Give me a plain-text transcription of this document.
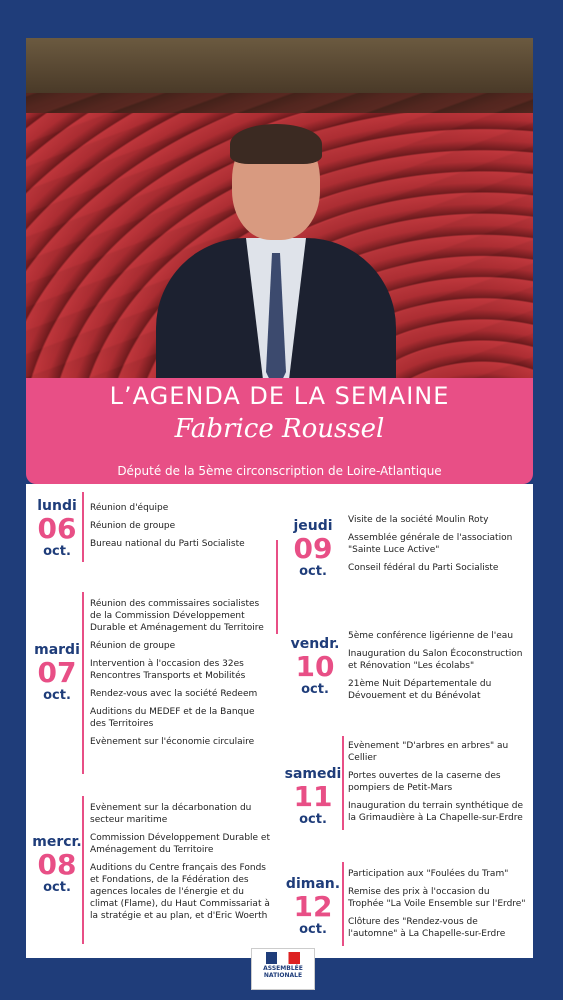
L’AGENDA DE LA SEMAINE
Fabrice Roussel
Député de la 5ème circonscription de Loire-Atlantique
lundi
06
oct.
Réunion d'équipe
Réunion de groupe
Bureau national du Parti Socialiste
mardi
07
oct.
Réunion des commissaires socialistes de la Commission Développement Durable et Aménagement du Territoire
Réunion de groupe
Intervention à l'occasion des 32es Rencontres Transports et Mobilités
Rendez-vous avec la société Redeem
Auditions du MEDEF et de la Banque des Territoires
Evènement sur l'économie circulaire
mercr.
08
oct.
Evènement sur la décarbonation du secteur maritime
Commission Développement Durable et Aménagement du Territoire
Auditions du Centre français des Fonds et Fondations, de la Fédération des agences locales de l'énergie et du climat (Flame), du Haut Commissariat à la stratégie et au plan, et d'Eric Woerth
jeudi
09
oct.
Visite de la société Moulin Roty
Assemblée générale de l'association "Sainte Luce Active"
Conseil fédéral du Parti Socialiste
vendr.
10
oct.
5ème conférence ligérienne de l'eau
Inauguration du Salon Écoconstruction et Rénovation "Les écolabs"
21ème Nuit Départementale du Dévouement et du Bénévolat
samedi
11
oct.
Evènement "D'arbres en arbres" au Cellier
Portes ouvertes de la caserne des pompiers de Petit-Mars
Inauguration du terrain synthétique de la Grimaudière à La Chapelle-sur-Erdre
diman.
12
oct.
Participation aux "Foulées du Tram"
Remise des prix à l'occasion du Trophée "La Voile Ensemble sur l'Erdre"
Clôture des "Rendez-vous de l'automne" à La Chapelle-sur-Erdre
ASSEMBLÉE
NATIONALE
